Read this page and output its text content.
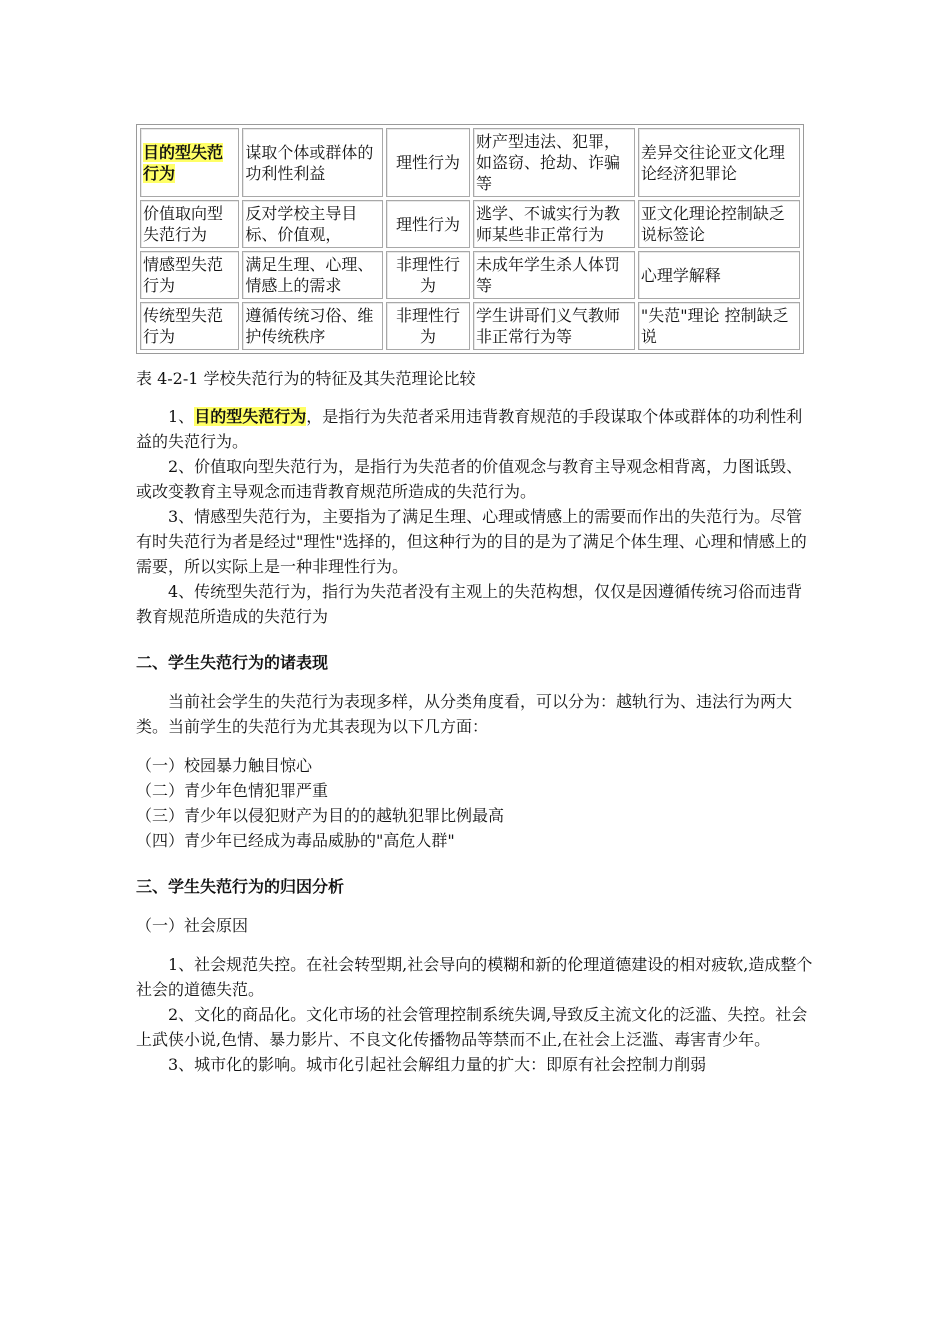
目的型失范行为	谋取个体或群体的功利性利益	理性行为	财产型违法、犯罪，如盗窃、抢劫、诈骗等	差异交往论亚文化理论经济犯罪论
价值取向型失范行为	反对学校主导目标、价值观，	理性行为	逃学、不诚实行为教师某些非正常行为	亚文化理论控制缺乏说标签论
情感型失范行为	满足生理、心理、情感上的需求	非理性行为	未成年学生杀人体罚等	心理学解释
传统型失范行为	遵循传统习俗、维护传统秩序	非理性行为	学生讲哥们义气教师非正常行为等	"失范"理论 控制缺乏说
表 4-2-1 学校失范行为的特征及其失范理论比较

1、目的型失范行为，是指行为失范者采用违背教育规范的手段谋取个体或群体的功利性利益的失范行为。

2、价值取向型失范行为，是指行为失范者的价值观念与教育主导观念相背离，力图诋毁、或改变教育主导观念而违背教育规范所造成的失范行为。

3、情感型失范行为，主要指为了满足生理、心理或情感上的需要而作出的失范行为。尽管有时失范行为者是经过"理性"选择的，但这种行为的目的是为了满足个体生理、心理和情感上的需要，所以实际上是一种非理性行为。

4、传统型失范行为，指行为失范者没有主观上的失范构想，仅仅是因遵循传统习俗而违背教育规范所造成的失范行为

二、学生失范行为的诸表现

当前社会学生的失范行为表现多样，从分类角度看，可以分为：越轨行为、违法行为两大类。当前学生的失范行为尤其表现为以下几方面：

（一）校园暴力触目惊心
（二）青少年色情犯罪严重
（三）青少年以侵犯财产为目的的越轨犯罪比例最高
（四）青少年已经成为毒品威胁的"高危人群"
三、学生失范行为的归因分析

（一）社会原因

1、社会规范失控。在社会转型期,社会导向的模糊和新的伦理道德建设的相对疲软,造成整个社会的道德失范。

2、文化的商品化。文化市场的社会管理控制系统失调,导致反主流文化的泛滥、失控。社会上武侠小说,色情、暴力影片、不良文化传播物品等禁而不止,在社会上泛滥、毒害青少年。

3、城市化的影响。城市化引起社会解组力量的扩大：即原有社会控制力削弱
